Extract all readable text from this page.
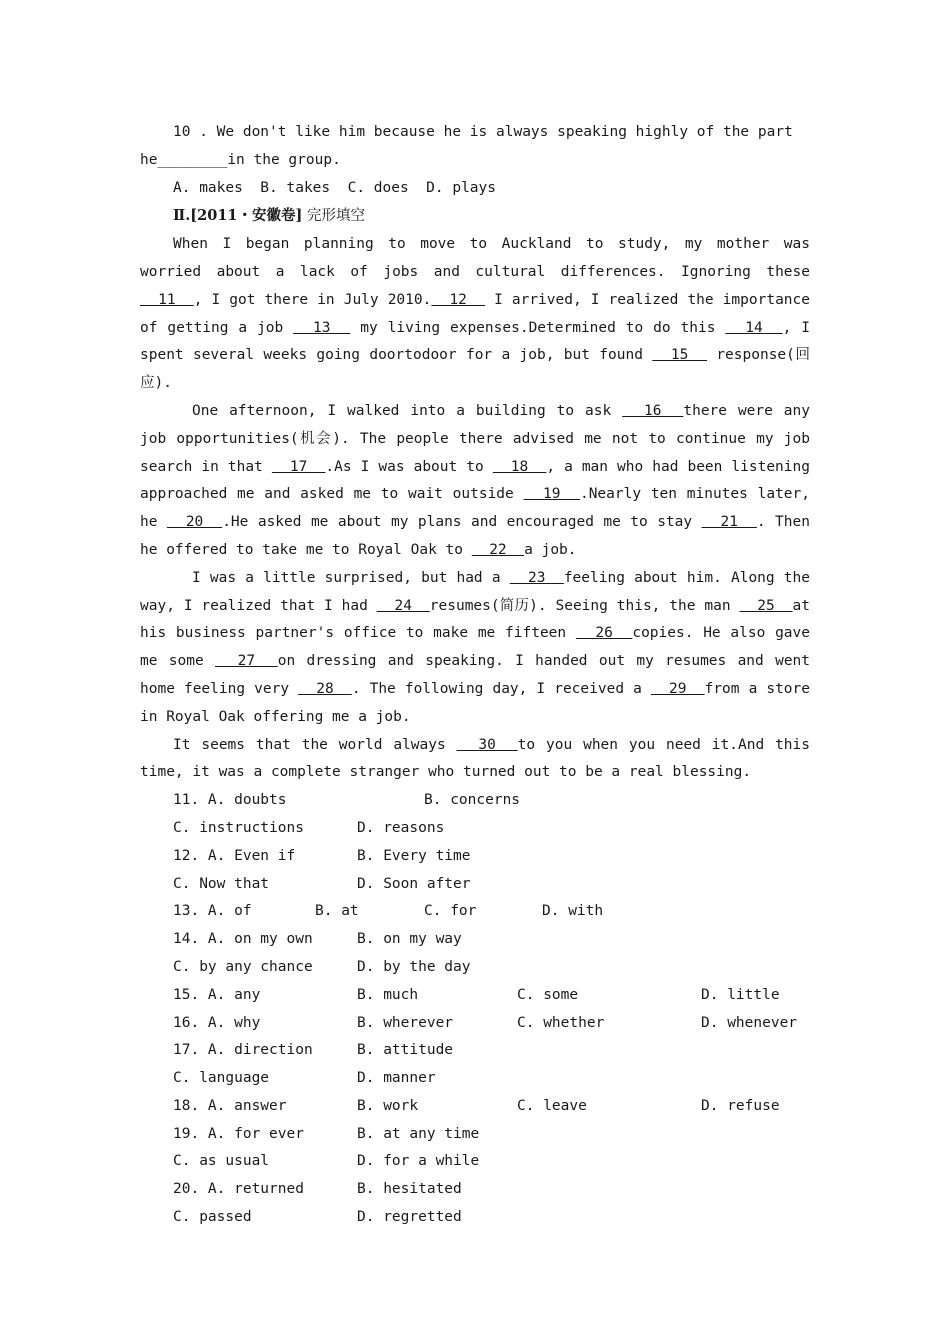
10 . We don't like him because he is always speaking highly of the part

he________in the group.

A. makes  B. takes  C. does  D. plays

Ⅱ.[2011・安徽卷] 完形填空

When I began planning to move to Auckland to study, my mother was worried about a lack of jobs and cultural differences. Ignoring these   11  , I got there in July 2010.  12   I arrived, I realized the importance of getting a job   13   my living expenses.Determined to do this   14  , I spent several weeks going doortodoor for a job, but found   15   response(回应).

One afternoon, I walked into a building to ask   16  there were any job opportunities(机会). The people there advised me not to continue my job search in that   17  .As I was about to   18  , a man who had been listening approached me and asked me to wait outside   19  .Nearly ten minutes later, he   20  .He asked me about my plans and encouraged me to stay   21  . Then he offered to take me to Royal Oak to   22  a job.

I was a little surprised, but had a   23  feeling about him. Along the way, I realized that I had   24  resumes(简历). Seeing this, the man   25  at his business partner's office to make me fifteen   26  copies. He also gave me some   27  on dressing and speaking. I handed out my resumes and went home feeling very   28  . The following day, I received a   29  from a store in Royal Oak offering me a job.

It seems that the world always   30  to you when you need it.And this time, it was a complete stranger who turned out to be a real blessing.

11. A. doubts	B. concerns
C. instructions	D. reasons
12. A. Even if	B. Every time
C. Now that	D. Soon after
13. A. of	B. at	C. for	D. with
14. A. on my own	B. on my way
C. by any chance	D. by the day
15. A. any	B. much	C. some	D. little
16. A. why	B. wherever	C. whether	D. whenever
17. A. direction	B. attitude
C. language	D. manner
18. A. answer	B. work	C. leave	D. refuse
19. A. for ever	B. at any time
C. as usual	D. for a while
20. A. returned	B. hesitated
C. passed	D. regretted
